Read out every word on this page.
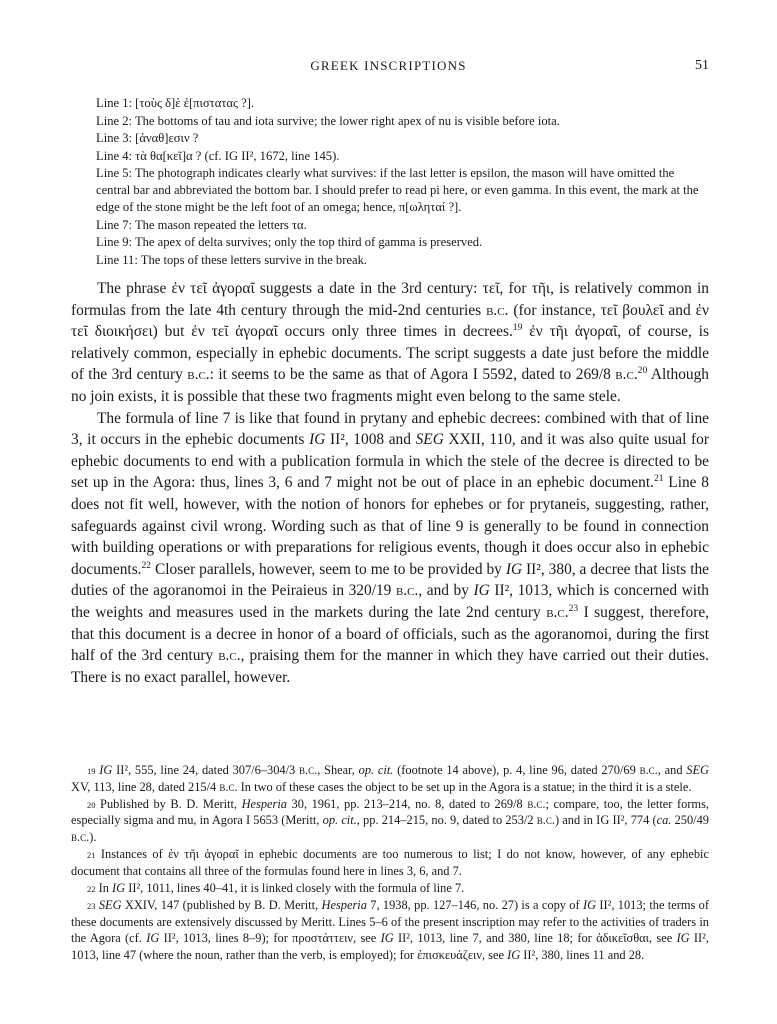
GREEK INSCRIPTIONS	51

Line 1: [τοὺς δ]ὲ ἐ[πιστατας ?].

Line 2: The bottoms of tau and iota survive; the lower right apex of nu is visible before iota.

Line 3: [ἀναθ]εσιν ?

Line 4: τὰ θα[κεῖ]α ? (cf. IG II², 1672, line 145).

Line 5: The photograph indicates clearly what survives: if the last letter is epsilon, the mason will have omitted the central bar and abbreviated the bottom bar. I should prefer to read pi here, or even gamma. In this event, the mark at the edge of the stone might be the left foot of an omega; hence, π[ωληταί ?].

Line 7: The mason repeated the letters τα.

Line 9: The apex of delta survives; only the top third of gamma is preserved.

Line 11: The tops of these letters survive in the break.

The phrase ἐν τεῖ ἀγοραῖ suggests a date in the 3rd century: τεῖ, for τῆι, is relatively common in formulas from the late 4th century through the mid-2nd centuries b.c. (for instance, τεῖ βουλεῖ and ἐν τεῖ διοικήσει) but ἐν τεῖ ἀγοραῖ occurs only three times in decrees.$^{19}$ ἐν τῆι ἀγοραῖ, of course, is relatively common, especially in ephebic documents. The script suggests a date just before the middle of the 3rd century b.c.: it seems to be the same as that of Agora I 5592, dated to 269/8 b.c.$^{20}$ Although no join exists, it is possible that these two fragments might even belong to the same stele.

The formula of line 7 is like that found in prytany and ephebic decrees: combined with that of line 3, it occurs in the ephebic documents IG II², 1008 and SEG XXII, 110, and it was also quite usual for ephebic documents to end with a publication formula in which the stele of the decree is directed to be set up in the Agora: thus, lines 3, 6 and 7 might not be out of place in an ephebic document.$^{21}$ Line 8 does not fit well, however, with the notion of honors for ephebes or for prytaneis, suggesting, rather, safeguards against civil wrong. Wording such as that of line 9 is generally to be found in connection with building operations or with preparations for religious events, though it does occur also in ephebic documents.$^{22}$ Closer parallels, however, seem to me to be provided by IG II², 380, a decree that lists the duties of the agoranomoi in the Peiraieus in 320/19 b.c., and by IG II², 1013, which is concerned with the weights and measures used in the markets during the late 2nd century b.c.$^{23}$ I suggest, therefore, that this document is a decree in honor of a board of officials, such as the agoranomoi, during the first half of the 3rd century b.c., praising them for the manner in which they have carried out their duties. There is no exact parallel, however.

$^{19}$ IG II², 555, line 24, dated 307/6–304/3 b.c., Shear, op. cit. (footnote 14 above), p. 4, line 96, dated 270/69 b.c., and SEG XV, 113, line 28, dated 215/4 b.c. In two of these cases the object to be set up in the Agora is a statue; in the third it is a stele.

$^{20}$ Published by B. D. Meritt, Hesperia 30, 1961, pp. 213–214, no. 8, dated to 269/8 b.c.; compare, too, the letter forms, especially sigma and mu, in Agora I 5653 (Meritt, op. cit., pp. 214–215, no. 9, dated to 253/2 b.c.) and in IG II², 774 (ca. 250/49 b.c.).

$^{21}$ Instances of ἐν τῆι ἀγοραῖ in ephebic documents are too numerous to list; I do not know, however, of any ephebic document that contains all three of the formulas found here in lines 3, 6, and 7.

$^{22}$ In IG II², 1011, lines 40–41, it is linked closely with the formula of line 7.

$^{23}$ SEG XXIV, 147 (published by B. D. Meritt, Hesperia 7, 1938, pp. 127–146, no. 27) is a copy of IG II², 1013; the terms of these documents are extensively discussed by Meritt. Lines 5–6 of the present inscription may refer to the activities of traders in the Agora (cf. IG II², 1013, lines 8–9); for προστάττειν, see IG II², 1013, line 7, and 380, line 18; for ἀδικεῖσθαι, see IG II², 1013, line 47 (where the noun, rather than the verb, is employed); for ἐπισκευάζειν, see IG II², 380, lines 11 and 28.
